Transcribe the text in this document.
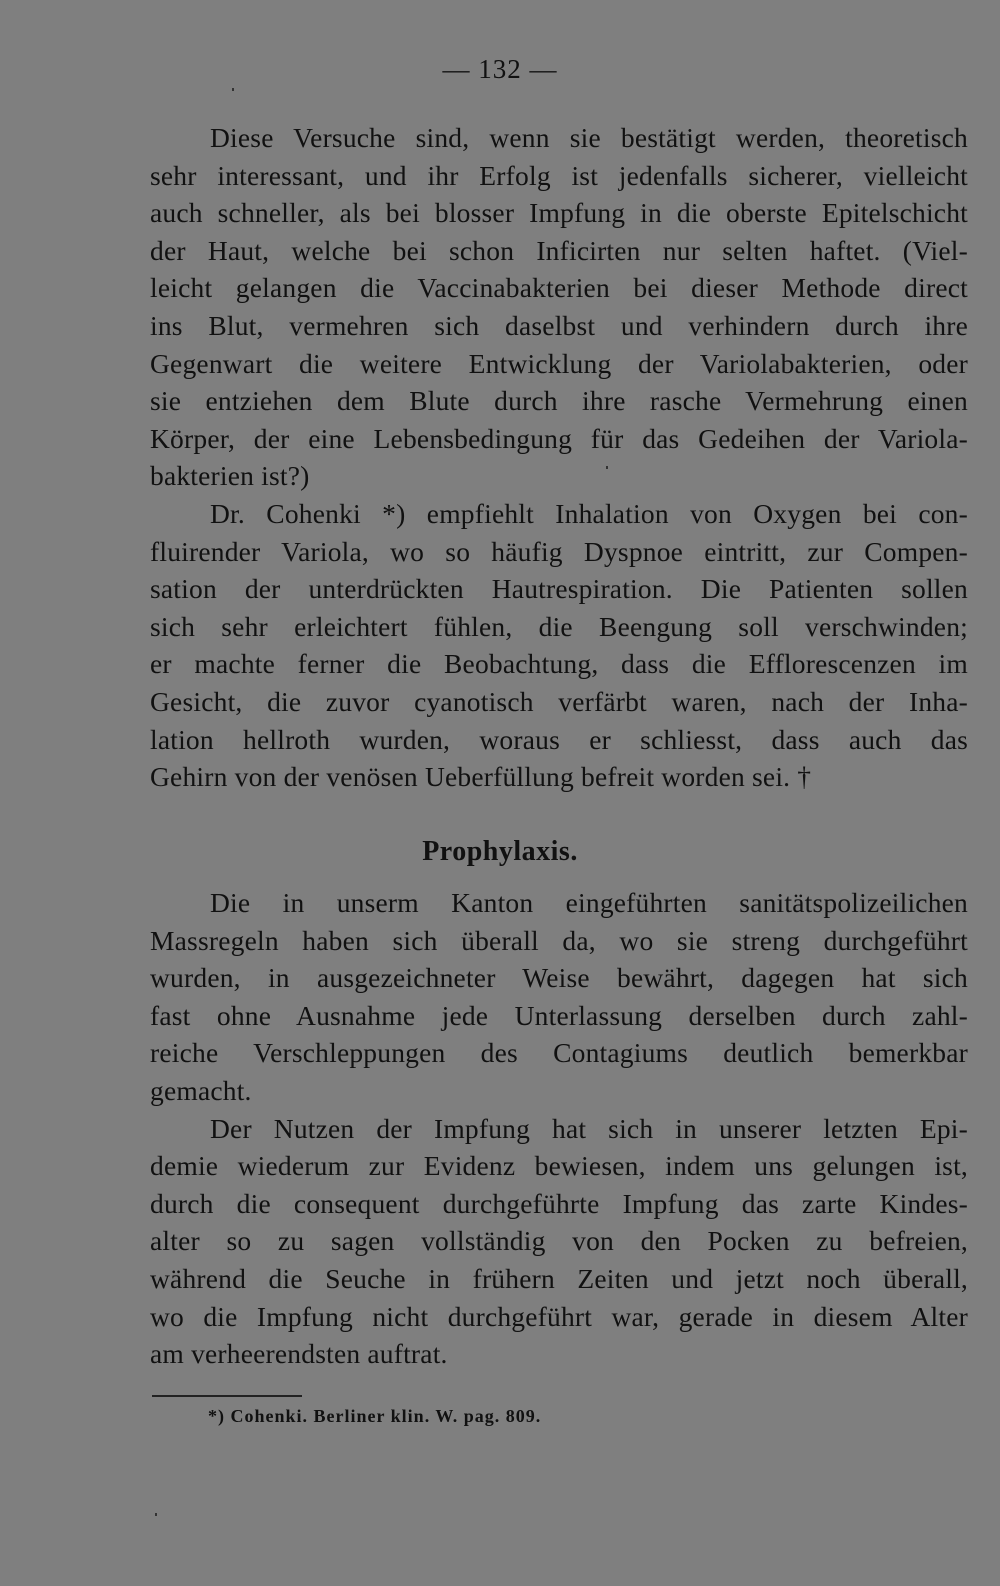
— 132 —
Diese Versuche sind, wenn sie bestätigt werden, theoretisch
sehr interessant, und ihr Erfolg ist jedenfalls sicherer, vielleicht
auch schneller, als bei blosser Impfung in die oberste Epitelschicht
der Haut, welche bei schon Inficirten nur selten haftet. (Viel-
leicht gelangen die Vaccinabakterien bei dieser Methode direct
ins Blut, vermehren sich daselbst und verhindern durch ihre
Gegenwart die weitere Entwicklung der Variolabakterien, oder
sie entziehen dem Blute durch ihre rasche Vermehrung einen
Körper, der eine Lebensbedingung für das Gedeihen der Variola-
bakterien ist?)
Dr. Cohenki *) empfiehlt Inhalation von Oxygen bei con-
fluirender Variola, wo so häufig Dyspnoe eintritt, zur Compen-
sation der unterdrückten Hautrespiration. Die Patienten sollen
sich sehr erleichtert fühlen, die Beengung soll verschwinden;
er machte ferner die Beobachtung, dass die Efflorescenzen im
Gesicht, die zuvor cyanotisch verfärbt waren, nach der Inha-
lation hellroth wurden, woraus er schliesst, dass auch das
Gehirn von der venösen Ueberfüllung befreit worden sei. †
Prophylaxis.
Die in unserm Kanton eingeführten sanitätspolizeilichen
Massregeln haben sich überall da, wo sie streng durchgeführt
wurden, in ausgezeichneter Weise bewährt, dagegen hat sich
fast ohne Ausnahme jede Unterlassung derselben durch zahl-
reiche Verschleppungen des Contagiums deutlich bemerkbar
gemacht.
Der Nutzen der Impfung hat sich in unserer letzten Epi-
demie wiederum zur Evidenz bewiesen, indem uns gelungen ist,
durch die consequent durchgeführte Impfung das zarte Kindes-
alter so zu sagen vollständig von den Pocken zu befreien,
während die Seuche in frühern Zeiten und jetzt noch überall,
wo die Impfung nicht durchgeführt war, gerade in diesem Alter
am verheerendsten auftrat.
*) Cohenki. Berliner klin. W. pag. 809.
